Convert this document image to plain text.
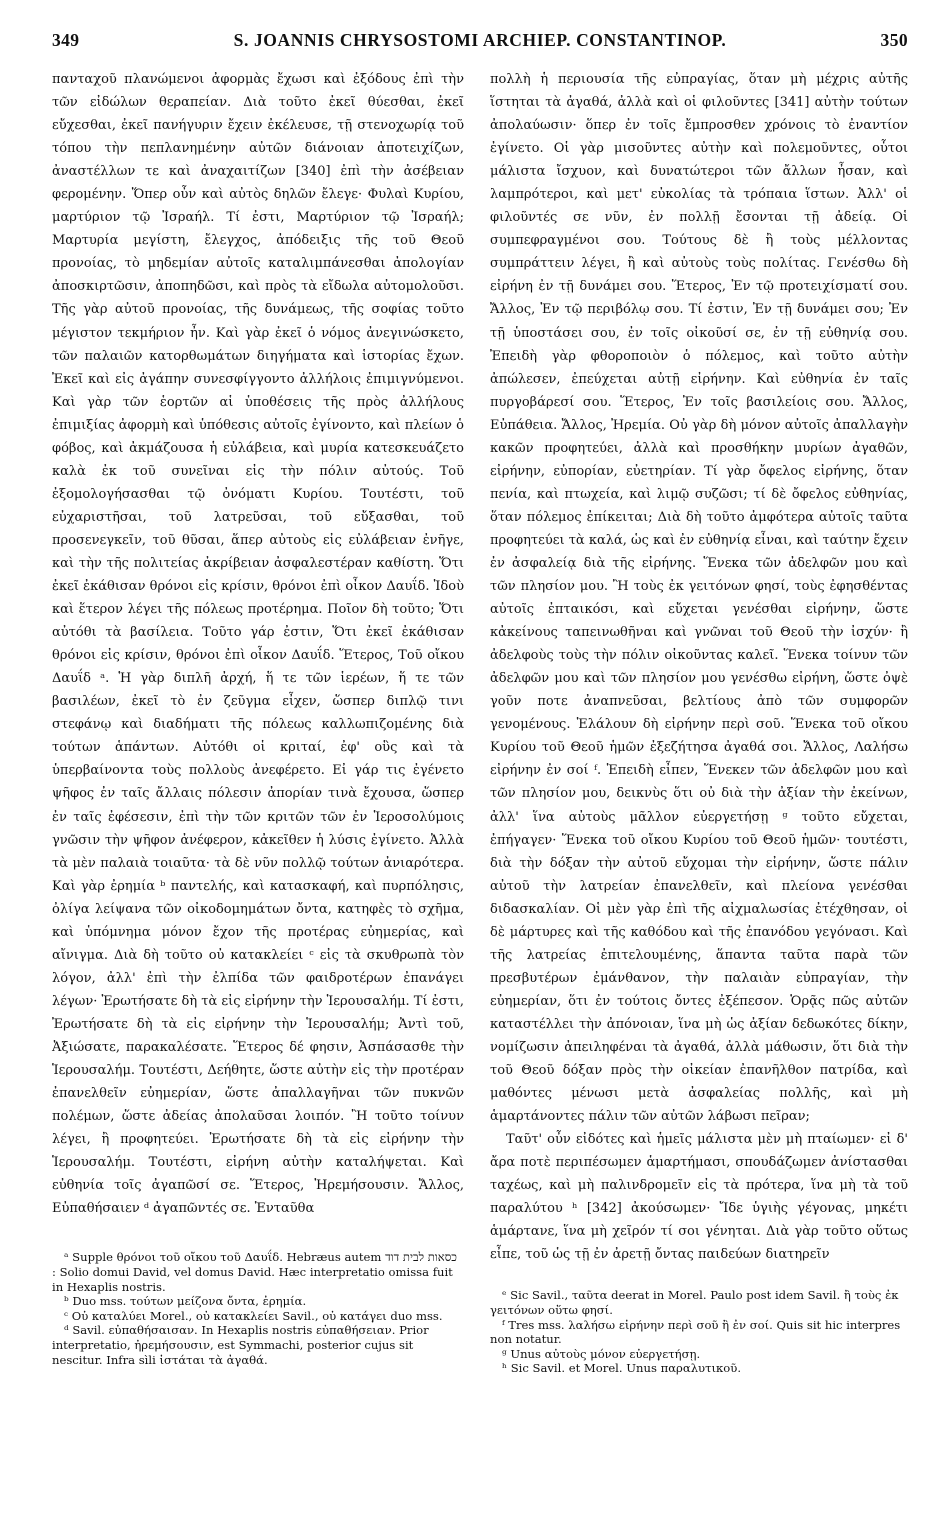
349	S. JOANNIS CHRYSOSTOMI ARCHIEP. CONSTANTINOP.	350

πανταχοῦ πλανώμενοι ἀφορμὰς ἔχωσι καὶ ἐξόδους ἐπὶ τὴν τῶν εἰδώλων θεραπείαν. Διὰ τοῦτο ἐκεῖ θύεσθαι, ἐκεῖ εὔχεσθαι, ἐκεῖ πανήγυριν ἔχειν ἐκέλευσε, τῇ στενοχωρίᾳ τοῦ τόπου τὴν πεπλανημένην αὐτῶν διάνοιαν ἀποτειχίζων, ἀναστέλλων τε καὶ ἀναχαιτίζων [340] ἐπὶ τὴν ἀσέβειαν φερομένην. Ὅπερ οὖν καὶ αὐτὸς δηλῶν ἔλεγε· Φυλαὶ Κυρίου, μαρτύριον τῷ Ἰσραήλ. Τί ἐστι, Μαρτύριον τῷ Ἰσραήλ; Μαρτυρία μεγίστη, ἔλεγχος, ἀπόδειξις τῆς τοῦ Θεοῦ προνοίας, τὸ μηδεμίαν αὐτοῖς καταλιμπάνεσθαι ἀπολογίαν ἀποσκιρτῶσιν, ἀποπηδῶσι, καὶ πρὸς τὰ εἴδωλα αὐτομολοῦσι. Τῆς γὰρ αὐτοῦ προνοίας, τῆς δυνάμεως, τῆς σοφίας τοῦτο μέγιστον τεκμήριον ἦν. Καὶ γὰρ ἐκεῖ ὁ νόμος ἀνεγινώσκετο, τῶν παλαιῶν κατορθωμάτων διηγήματα καὶ ἱστορίας ἔχων. Ἐκεῖ καὶ εἰς ἀγάπην συνεσφίγγοντο ἀλλήλοις ἐπιμιγνύμενοι. Καὶ γὰρ τῶν ἑορτῶν αἱ ὑποθέσεις τῆς πρὸς ἀλλήλους ἐπιμιξίας ἀφορμὴ καὶ ὑπόθεσις αὐτοῖς ἐγίνοντο, καὶ πλείων ὁ φόβος, καὶ ἀκμάζουσα ἡ εὐλάβεια, καὶ μυρία κατεσκευάζετο καλὰ ἐκ τοῦ συνεῖναι εἰς τὴν πόλιν αὐτούς. Τοῦ ἐξομολογήσασθαι τῷ ὀνόματι Κυρίου. Τουτέστι, τοῦ εὐχαριστῆσαι, τοῦ λατρεῦσαι, τοῦ εὔξασθαι, τοῦ προσενεγκεῖν, τοῦ θῦσαι, ἅπερ αὐτοὺς εἰς εὐλάβειαν ἐνῆγε, καὶ τὴν τῆς πολιτείας ἀκρίβειαν ἀσφαλεστέραν καθίστη. Ὅτι ἐκεῖ ἐκάθισαν θρόνοι εἰς κρίσιν, θρόνοι ἐπὶ οἶκον Δαυΐδ. Ἰδοὺ καὶ ἕτερον λέγει τῆς πόλεως προτέρημα. Ποῖον δὴ τοῦτο; Ὅτι αὐτόθι τὰ βασίλεια. Τοῦτο γάρ ἐστιν, Ὅτι ἐκεῖ ἐκάθισαν θρόνοι εἰς κρίσιν, θρόνοι ἐπὶ οἶκον Δαυΐδ. Ἕτερος, Τοῦ οἴκου Δαυΐδ ᵃ. Ἡ γὰρ διπλῆ ἀρχή, ἥ τε τῶν ἱερέων, ἥ τε τῶν βασιλέων, ἐκεῖ τὸ ἐν ζεῦγμα εἶχεν, ὥσπερ διπλῷ τινι στεφάνῳ καὶ διαδήματι τῆς πόλεως καλλωπιζομένης διὰ τούτων ἁπάντων. Αὐτόθι οἱ κριταί, ἐφ' οὓς καὶ τὰ ὑπερβαίνοντα τοὺς πολλοὺς ἀνεφέρετο. Εἰ γάρ τις ἐγένετο ψῆφος ἐν ταῖς ἄλλαις πόλεσιν ἀπορίαν τινὰ ἔχουσα, ὥσπερ ἐν ταῖς ἐφέσεσιν, ἐπὶ τὴν τῶν κριτῶν τῶν ἐν Ἱεροσολύμοις γνῶσιν τὴν ψῆφον ἀνέφερον, κἀκεῖθεν ἡ λύσις ἐγίνετο. Ἀλλὰ τὰ μὲν παλαιὰ τοιαῦτα· τὰ δὲ νῦν πολλῷ τούτων ἀνιαρότερα. Καὶ γὰρ ἐρημία ᵇ παντελής, καὶ κατασκαφή, καὶ πυρπόλησις, ὀλίγα λείψανα τῶν οἰκοδομημάτων ὄντα, κατηφὲς τὸ σχῆμα, καὶ ὑπόμνημα μόνον ἔχον τῆς προτέρας εὐημερίας, καὶ αἴνιγμα. Διὰ δὴ τοῦτο οὐ κατακλείει ᶜ εἰς τὰ σκυθρωπὰ τὸν λόγον, ἀλλ' ἐπὶ τὴν ἐλπίδα τῶν φαιδροτέρων ἐπανάγει λέγων· Ἐρωτήσατε δὴ τὰ εἰς εἰρήνην τὴν Ἱερουσαλήμ. Τί ἐστι, Ἐρωτήσατε δὴ τὰ εἰς εἰρήνην τὴν Ἱερουσαλήμ; Ἀντὶ τοῦ, Ἀξιώσατε, παρακαλέσατε. Ἕτερος δέ φησιν, Ἀσπάσασθε τὴν Ἱερουσαλήμ. Τουτέστι, Δεήθητε, ὥστε αὐτὴν εἰς τὴν προτέραν ἐπανελθεῖν εὐημερίαν, ὥστε ἀπαλλαγῆναι τῶν πυκνῶν πολέμων, ὥστε ἀδείας ἀπολαῦσαι λοιπόν. Ἢ τοῦτο τοίνυν λέγει, ἢ προφητεύει. Ἐρωτήσατε δὴ τὰ εἰς εἰρήνην τὴν Ἱερουσαλήμ. Τουτέστι, εἰρήνη αὐτὴν καταλήψεται. Καὶ εὐθηνία τοῖς ἀγαπῶσί σε. Ἕτερος, Ἠρεμήσουσιν. Ἄλλος, Εὐπαθήσαιεν ᵈ ἀγαπῶντές σε. Ἐνταῦθα

ᵃ Supple θρόνοι τοῦ οἴκου τοῦ Δαυΐδ. Hebræus autem כסאות לבית דוד : Solio domui David, vel domus David. Hæc interpretatio omissa fuit in Hexaplis nostris.
ᵇ Duo mss. τούτων μείζονα ὄντα, ἐρημία.
ᶜ Οὐ καταλύει Morel., οὐ κατακλείει Savil., οὐ κατάγει duo mss.
ᵈ Savil. εὐπαθήσαισαν. In Hexaplis nostris εὐπαθήσειαν. Prior interpretatio, ἠρεμήσουσιν, est Symmachi, posterior cujus sit nescitur. Infra sìli ἱστάται τὰ ἀγαθά.

πολλὴ ἡ περιουσία τῆς εὐπραγίας, ὅταν μὴ μέχρις αὐτῆς ἵστηται τὰ ἀγαθά, ἀλλὰ καὶ οἱ φιλοῦντες [341] αὐτὴν τούτων ἀπολαύωσιν· ὅπερ ἐν τοῖς ἔμπροσθεν χρόνοις τὸ ἐναντίον ἐγίνετο. Οἱ γὰρ μισοῦντες αὐτὴν καὶ πολεμοῦντες, οὗτοι μάλιστα ἴσχυον, καὶ δυνατώτεροι τῶν ἄλλων ἦσαν, καὶ λαμπρότεροι, καὶ μετ' εὐκολίας τὰ τρόπαια ἵστων. Ἀλλ' οἱ φιλοῦντές σε νῦν, ἐν πολλῇ ἔσονται τῇ ἀδείᾳ. Οἱ συμπεφραγμένοι σου. Τούτους δὲ ἢ τοὺς μέλλοντας συμπράττειν λέγει, ἢ καὶ αὐτοὺς τοὺς πολίτας. Γενέσθω δὴ εἰρήνη ἐν τῇ δυνάμει σου. Ἕτερος, Ἐν τῷ προτειχίσματί σου. Ἄλλος, Ἐν τῷ περιβόλῳ σου. Τί ἐστιν, Ἐν τῇ δυνάμει σου; Ἐν τῇ ὑποστάσει σου, ἐν τοῖς οἰκοῦσί σε, ἐν τῇ εὐθηνίᾳ σου. Ἐπειδὴ γὰρ φθοροποιὸν ὁ πόλεμος, καὶ τοῦτο αὐτὴν ἀπώλεσεν, ἐπεύχεται αὐτῇ εἰρήνην. Καὶ εὐθηνία ἐν ταῖς πυργοβάρεσί σου. Ἕτερος, Ἐν τοῖς βασιλείοις σου. Ἄλλος, Εὐπάθεια. Ἄλλος, Ἠρεμία. Οὐ γὰρ δὴ μόνον αὐτοῖς ἀπαλλαγὴν κακῶν προφητεύει, ἀλλὰ καὶ προσθήκην μυρίων ἀγαθῶν, εἰρήνην, εὐπορίαν, εὐετηρίαν. Τί γὰρ ὄφελος εἰρήνης, ὅταν πενία, καὶ πτωχεία, καὶ λιμῷ συζῶσι; τί δὲ ὄφελος εὐθηνίας, ὅταν πόλεμος ἐπίκειται; Διὰ δὴ τοῦτο ἀμφότερα αὐτοῖς ταῦτα προφητεύει τὰ καλά, ὡς καὶ ἐν εὐθηνίᾳ εἶναι, καὶ ταύτην ἔχειν ἐν ἀσφαλείᾳ διὰ τῆς εἰρήνης. Ἕνεκα τῶν ἀδελφῶν μου καὶ τῶν πλησίον μου. Ἢ τοὺς ἐκ γειτόνων φησί, τοὺς ἐφησθέντας αὐτοῖς ἐπταικόσι, καὶ εὔχεται γενέσθαι εἰρήνην, ὥστε κἀκείνους ταπεινωθῆναι καὶ γνῶναι τοῦ Θεοῦ τὴν ἰσχύν· ἢ ἀδελφοὺς τοὺς τὴν πόλιν οἰκοῦντας καλεῖ. Ἕνεκα τοίνυν τῶν ἀδελφῶν μου καὶ τῶν πλησίον μου γενέσθω εἰρήνη, ὥστε ὀψὲ γοῦν ποτε ἀναπνεῦσαι, βελτίους ἀπὸ τῶν συμφορῶν γενομένους. Ἐλάλουν δὴ εἰρήνην περὶ σοῦ. Ἕνεκα τοῦ οἴκου Κυρίου τοῦ Θεοῦ ἡμῶν ἐξεζήτησα ἀγαθά σοι. Ἄλλος, Λαλήσω εἰρήνην ἐν σοί ᶠ. Ἐπειδὴ εἶπεν, Ἕνεκεν τῶν ἀδελφῶν μου καὶ τῶν πλησίον μου, δεικνὺς ὅτι οὐ διὰ τὴν ἀξίαν τὴν ἐκείνων, ἀλλ' ἵνα αὐτοὺς μᾶλλον εὐεργετήσῃ ᵍ τοῦτο εὔχεται, ἐπήγαγεν· Ἕνεκα τοῦ οἴκου Κυρίου τοῦ Θεοῦ ἡμῶν· τουτέστι, διὰ τὴν δόξαν τὴν αὐτοῦ εὔχομαι τὴν εἰρήνην, ὥστε πάλιν αὐτοῦ τὴν λατρείαν ἐπανελθεῖν, καὶ πλείονα γενέσθαι διδασκαλίαν. Οἱ μὲν γὰρ ἐπὶ τῆς αἰχμαλωσίας ἐτέχθησαν, οἱ δὲ μάρτυρες καὶ τῆς καθόδου καὶ τῆς ἐπανόδου γεγόνασι. Καὶ τῆς λατρείας ἐπιτελουμένης, ἅπαντα ταῦτα παρὰ τῶν πρεσβυτέρων ἐμάνθανον, τὴν παλαιὰν εὐπραγίαν, τὴν εὐημερίαν, ὅτι ἐν τούτοις ὄντες ἐξέπεσον. Ὁρᾷς πῶς αὐτῶν καταστέλλει τὴν ἀπόνοιαν, ἵνα μὴ ὡς ἀξίαν δεδωκότες δίκην, νομίζωσιν ἀπειληφέναι τὰ ἀγαθά, ἀλλὰ μάθωσιν, ὅτι διὰ τὴν τοῦ Θεοῦ δόξαν πρὸς τὴν οἰκείαν ἐπανῆλθον πατρίδα, καὶ μαθόντες μένωσι μετὰ ἀσφαλείας πολλῆς, καὶ μὴ ἁμαρτάνοντες πάλιν τῶν αὐτῶν λάβωσι πεῖραν;

Ταῦτ' οὖν εἰδότες καὶ ἡμεῖς μάλιστα μὲν μὴ πταίωμεν· εἰ δ' ἄρα ποτὲ περιπέσωμεν ἁμαρτήμασι, σπουδάζωμεν ἀνίστασθαι ταχέως, καὶ μὴ παλινδρομεῖν εἰς τὰ πρότερα, ἵνα μὴ τὰ τοῦ παραλύτου ʰ [342] ἀκούσωμεν· Ἴδε ὑγιὴς γέγονας, μηκέτι ἁμάρτανε, ἵνα μὴ χεῖρόν τί σοι γένηται. Διὰ γὰρ τοῦτο οὕτως εἶπε, τοῦ ὡς τῇ ἐν ἀρετῇ ὄντας παιδεύων διατηρεῖν

ᵉ Sic Savil., ταῦτα deerat in Morel. Paulo post idem Savil. ἢ τοὺς ἐκ γειτόνων οὕτω φησί.
ᶠ Tres mss. λαλήσω εἰρήνην περὶ σοῦ ἢ ἐν σοί. Quis sit hic interpres non notatur.
ᵍ Unus αὐτοὺς μόνον εὐεργετήσῃ.
ʰ Sic Savil. et Morel. Unus παραλυτικοῦ.
